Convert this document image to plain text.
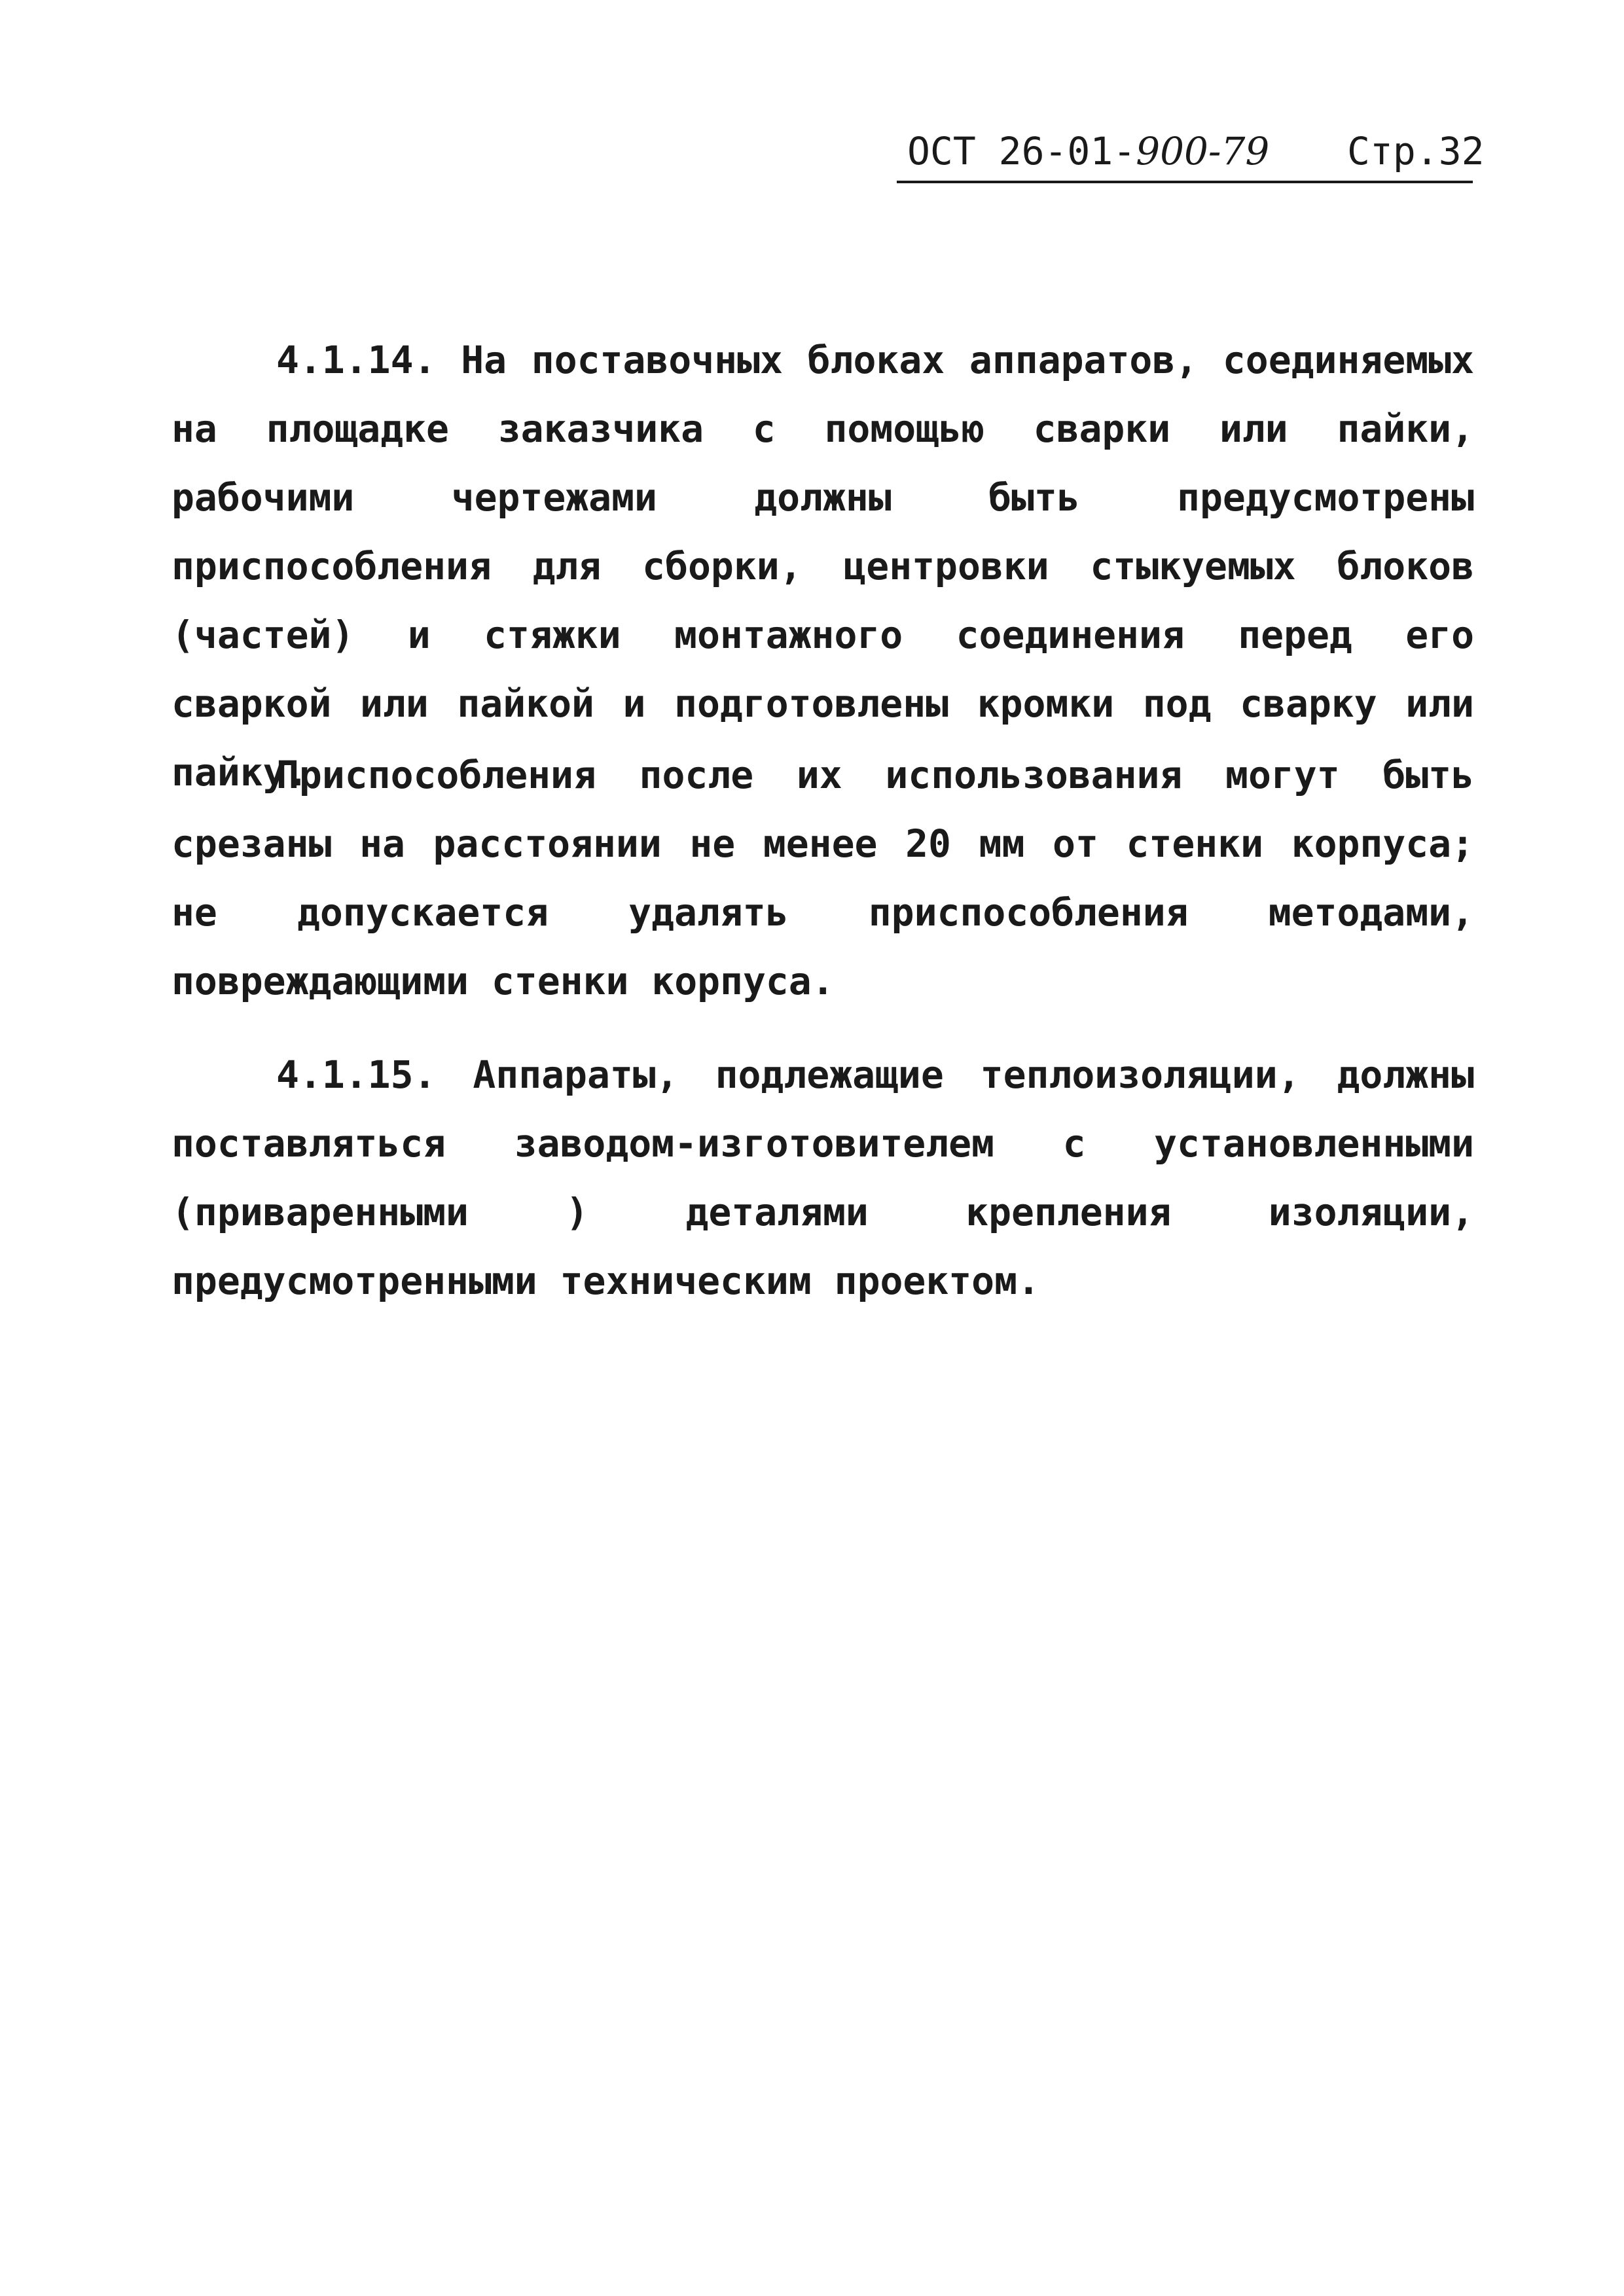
ОСТ 26-01-900-79 Стр.32

4.1.14. На поставочных блоках аппаратов, соединяемых на площадке заказчика с помощью сварки или пайки, рабочими чертежами должны быть предусмотрены приспособления для сборки, центровки стыкуемых блоков (частей) и стяжки монтажного соединения перед его сваркой или пайкой и подготовлены кромки под сварку или пайку.

Приспособления после их использования могут быть срезаны на расстоянии не менее 20 мм от стенки корпуса; не допускается удалять приспособления методами, повреждающими стенки корпуса.

4.1.15. Аппараты, подлежащие теплоизоляции, должны поставляться заводом-изготовителем с установленными (приваренными ) деталями крепления изоляции, предусмотренными техническим проектом.
